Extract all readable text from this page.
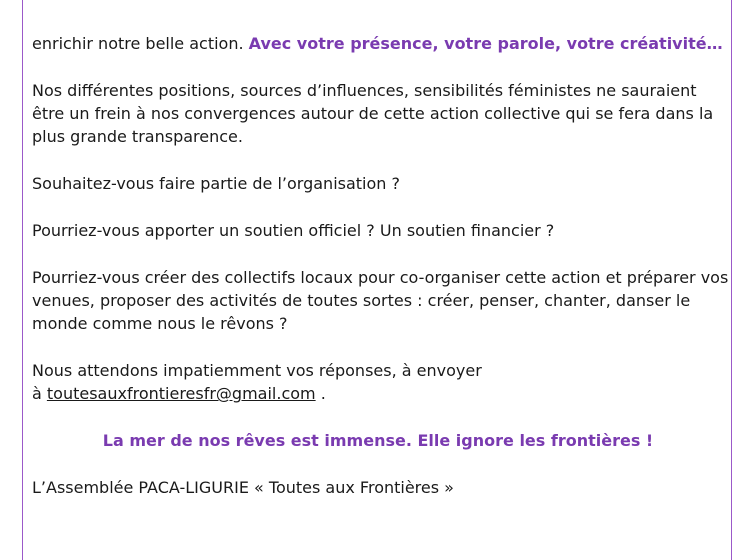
enrichir notre belle action. Avec votre présence, votre parole, votre créativité…

Nos différentes positions, sources d’influences, sensibilités féministes ne sauraient être un frein à nos convergences autour de cette action collective qui se fera dans la plus grande transparence.

Souhaitez-vous faire partie de l’organisation ?

Pourriez-vous apporter un soutien officiel ? Un soutien financier ?

Pourriez-vous créer des collectifs locaux pour co-organiser cette action et préparer vos venues, proposer des activités de toutes sortes : créer, penser, chanter, danser le monde comme nous le rêvons ?

Nous attendons impatiemment vos réponses, à envoyer
à toutesauxfrontieresfr@gmail.com .

La mer de nos rêves est immense. Elle ignore les frontières !

L’Assemblée PACA-LIGURIE « Toutes aux Frontières »
